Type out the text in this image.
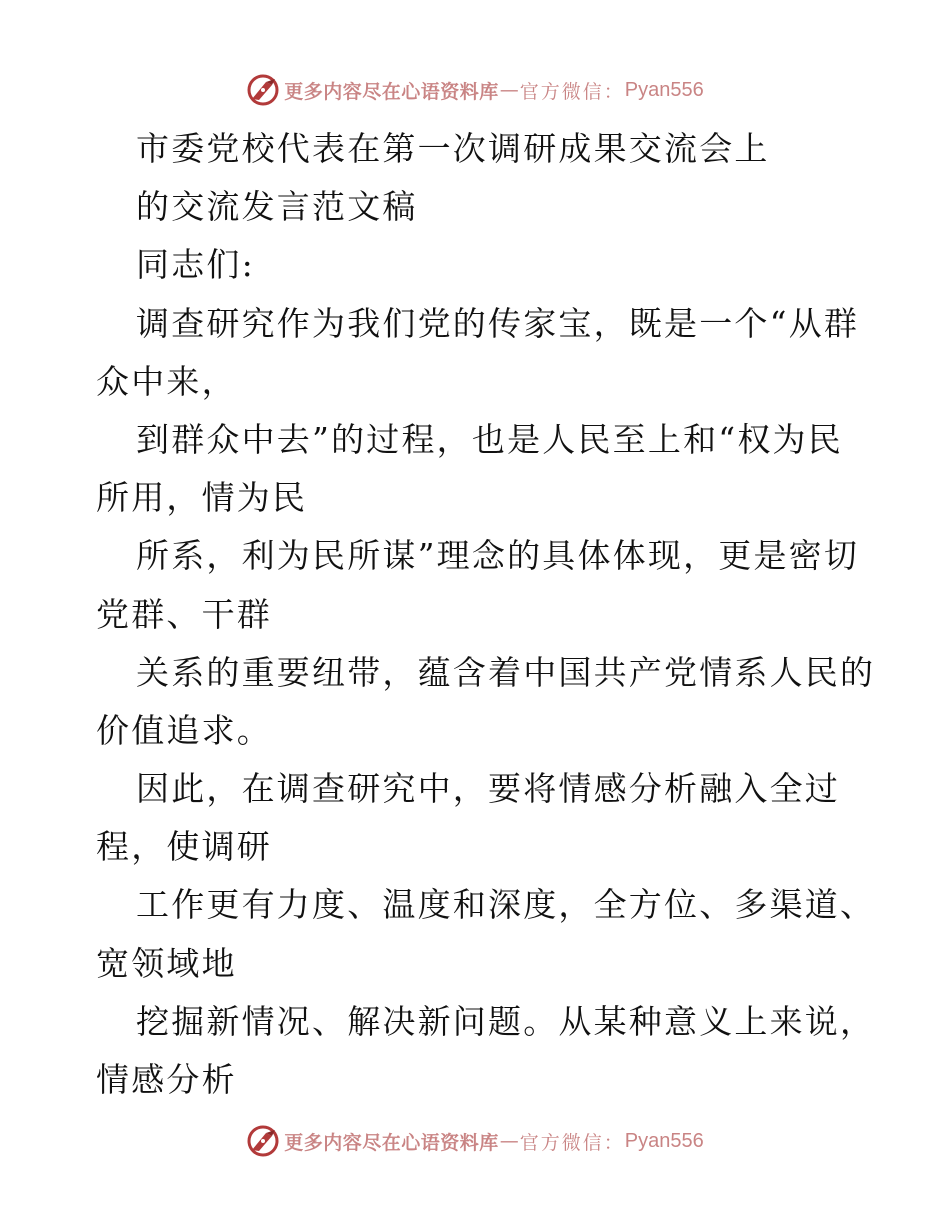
更多内容尽在心语资料库 — 官方微信： Pyan556
市委党校代表在第一次调研成果交流会上
的交流发言范文稿
同志们:
调查研究作为我们党的传家宝，既是一个“从群
众中来，
到群众中去”的过程，也是人民至上和“权为民
所用，情为民
所系，利为民所谋”理念的具体体现，更是密切
党群、干群
关系的重要纽带，蕴含着中国共产党情系人民的
价值追求。
因此，在调查研究中，要将情感分析融入全过
程，使调研
工作更有力度、温度和深度，全方位、多渠道、
宽领域地
挖掘新情况、解决新问题。从某种意义上来说，
情感分析
更多内容尽在心语资料库 — 官方微信： Pyan556
